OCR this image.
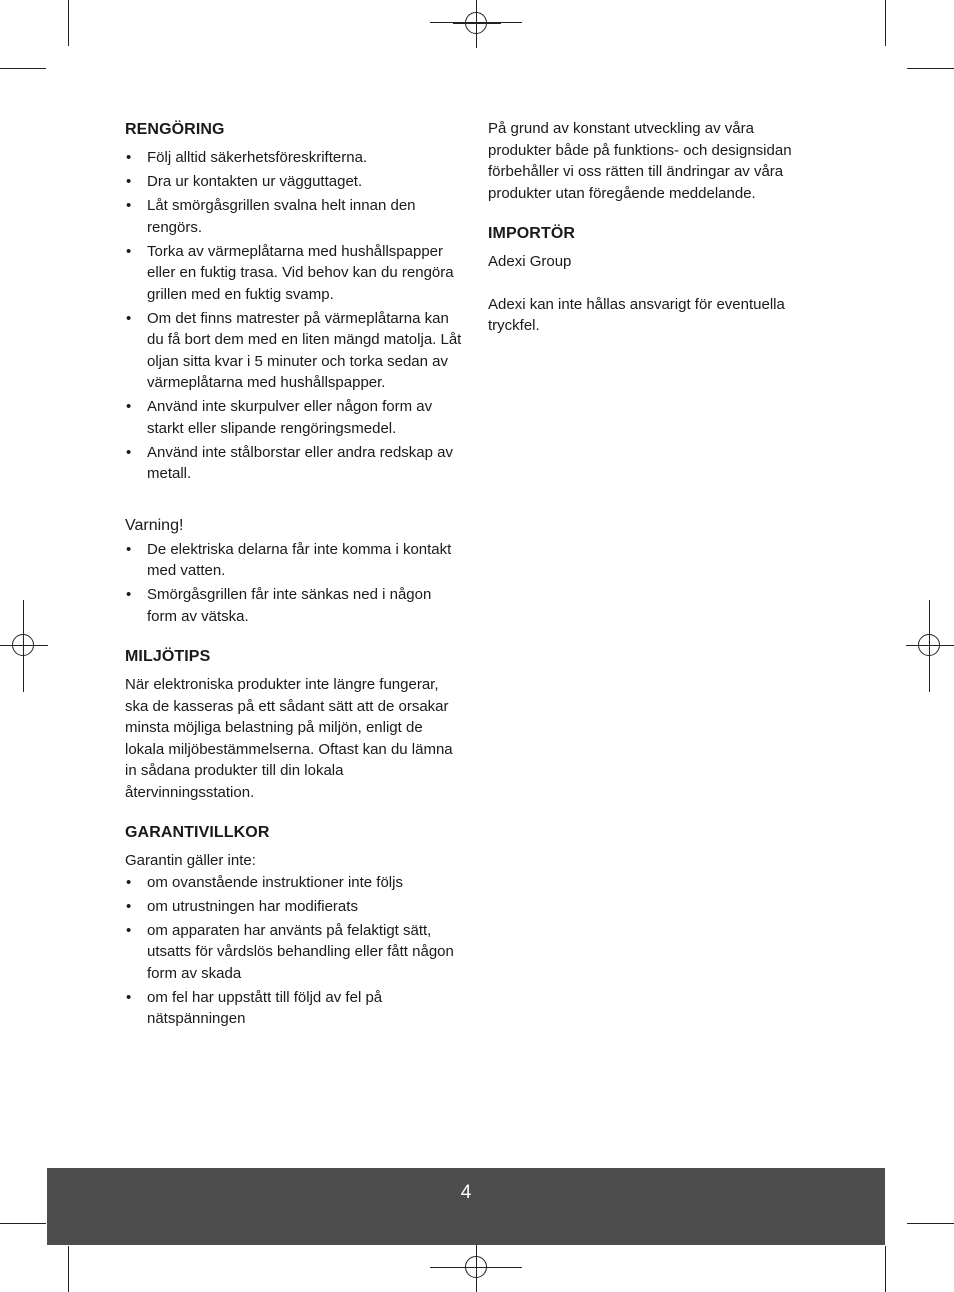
RENGÖRING
• Följ alltid säkerhetsföreskrifterna.
• Dra ur kontakten ur vägguttaget.
• Låt smörgåsgrillen svalna helt innan den rengörs.
• Torka av värmeplåtarna med hushållspapper eller en fuktig trasa. Vid behov kan du rengöra grillen med en fuktig svamp.
• Om det finns matrester på värmeplåtarna kan du få bort dem med en liten mängd matolja. Låt oljan sitta kvar i 5 minuter och torka sedan av värmeplåtarna med hushållspapper.
• Använd inte skurpulver eller någon form av starkt eller slipande rengöringsmedel.
• Använd inte stålborstar eller andra redskap av metall.
Varning!
• De elektriska delarna får inte komma i kontakt med vatten.
• Smörgåsgrillen får inte sänkas ned i någon form av vätska.
MILJÖTIPS

När elektroniska produkter inte längre fungerar, ska de kasseras på ett sådant sätt att de orsakar minsta möjliga belastning på miljön, enligt de lokala miljöbestämmelserna. Oftast kan du lämna in sådana produkter till din lokala återvinningsstation.

GARANTIVILLKOR

Garantin gäller inte:

• om ovanstående instruktioner inte följs
• om utrustningen har modifierats
• om apparaten har använts på felaktigt sätt, utsatts för vårdslös behandling eller fått någon form av skada
• om fel har uppstått till följd av fel på nätspänningen

På grund av konstant utveckling av våra produkter både på funktions- och designsidan förbehåller vi oss rätten till ändringar av våra produkter utan föregående meddelande.

IMPORTÖR

Adexi Group

Adexi kan inte hållas ansvarigt för eventuella tryckfel.

4
